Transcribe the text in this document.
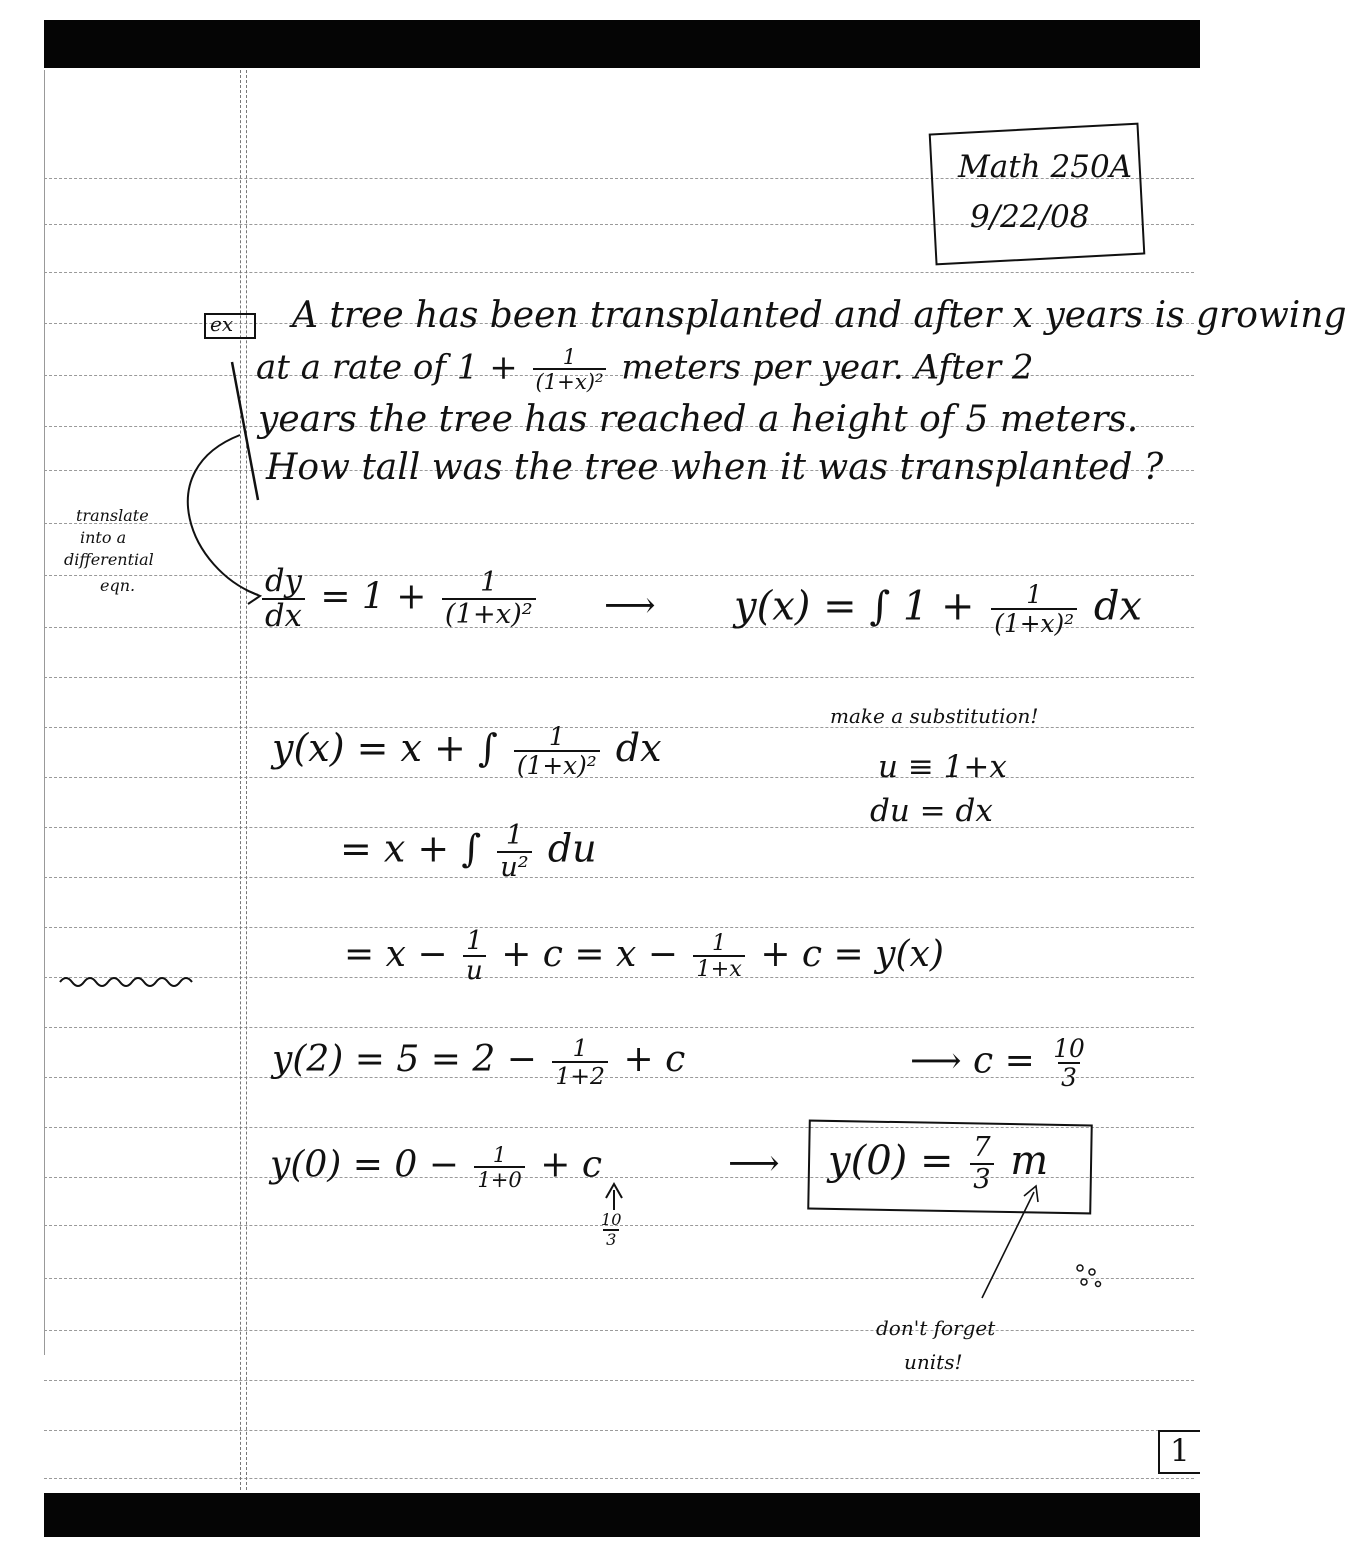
Math 250A
9/22/08
ex A tree has been transplanted and after x years is growing
at a rate of $1 + \frac{1}{\text{(1+x)²}}$ meters per year. After 2
years the tree has reached a height of 5 meters.
How tall was the tree when it was transplanted ?
translate
into a
differential
eqn.	$\frac{dy}{dx} = 1 + \frac{1}{\text{(1+x)²}}$ ⟶ y(x) = ∫ $1 + \frac{1}{\text{(1+x)²}}$ dx
make a substitution!
u ≡ 1+x
du = dx
y(x) = x + ∫ $\frac{1}{\text{(1+x)²}}$ dx
= x + ∫ $\frac{1}{\text{u²}}$ du
= $x - \frac{1}{u} + c = x - \frac{1}{1+x} + c = y(x)$
$y(2) = 5 = 2 - \frac{1}{1+2} + c$	⟶ $c = \frac{10}{3}$
$y(0) = 0 - \frac{1}{1+0} + c$
$\frac{10}{3}$
⟶ $y(0) = \frac{7}{3}$ m
don't forget
units!
1
